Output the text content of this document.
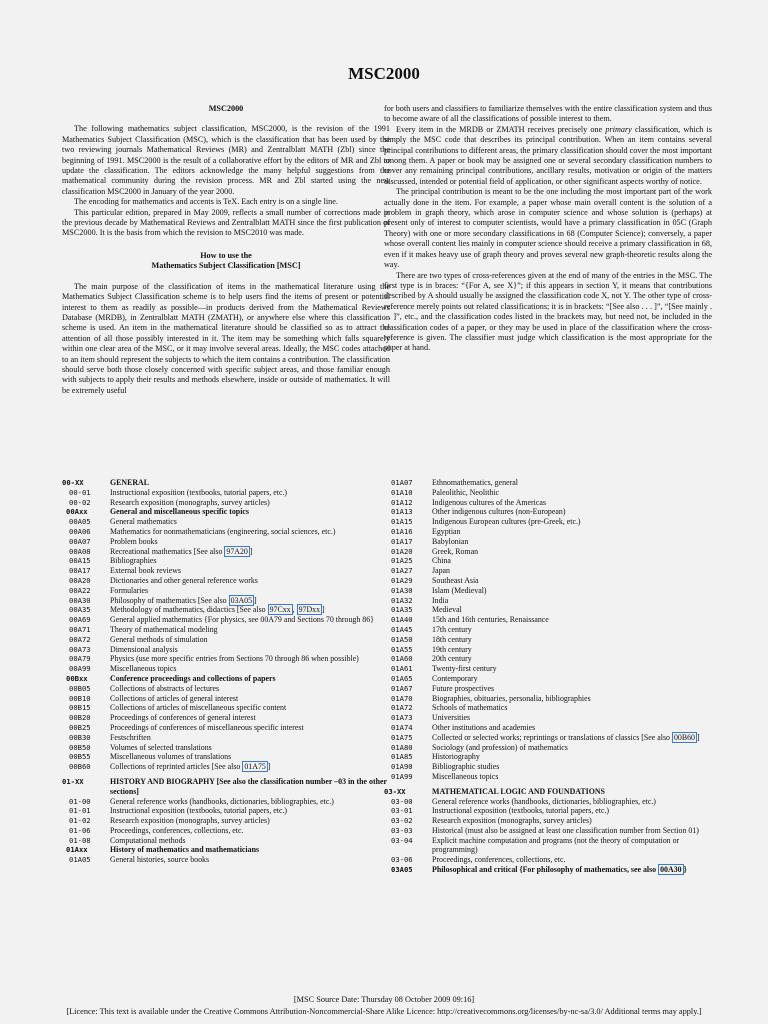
MSC2000
MSC2000

The following mathematics subject classification, MSC2000, is the revision of the 1991 Mathematics Subject Classification (MSC), which is the classification that has been used by the two reviewing journals Mathematical Reviews (MR) and Zentralblatt MATH (Zbl) since the beginning of 1991. MSC2000 is the result of a collaborative effort by the editors of MR and Zbl to update the classification. The editors acknowledge the many helpful suggestions from the mathematical community during the revision process. MR and Zbl started using the new classification MSC2000 in January of the year 2000.

The encoding for mathematics and accents is TeX. Each entry is on a single line.

This particular edition, prepared in May 2009, reflects a small number of corrections made in the previous decade by Mathematical Reviews and Zentralblatt MATH since the first publication of MSC2000. It is the basis from which the revision to MSC2010 was made.

How to use the
Mathematics Subject Classification [MSC]

The main purpose of the classification of items in the mathematical literature using the Mathematics Subject Classification scheme is to help users find the items of present or potential interest to them as readily as possible—in products derived from the Mathematical Reviews Database (MRDB), in Zentralblatt MATH (ZMATH), or anywhere else where this classification scheme is used. An item in the mathematical literature should be classified so as to attract the attention of all those possibly interested in it. The item may be something which falls squarely within one clear area of the MSC, or it may involve several areas. Ideally, the MSC codes attached to an item should represent the subjects to which the item contains a contribution. The classification should serve both those closely concerned with specific subject areas, and those familiar enough with subjects to apply their results and methods elsewhere, inside or outside of mathematics. It will be extremely useful

for both users and classifiers to familiarize themselves with the entire classification system and thus to become aware of all the classifications of possible interest to them.

Every item in the MRDB or ZMATH receives precisely one primary classification, which is simply the MSC code that describes its principal contribution. When an item contains several principal contributions to different areas, the primary classification should cover the most important among them. A paper or book may be assigned one or several secondary classification numbers to cover any remaining principal contributions, ancillary results, motivation or origin of the matters discussed, intended or potential field of application, or other significant aspects worthy of notice.

The principal contribution is meant to be the one including the most important part of the work actually done in the item. For example, a paper whose main overall content is the solution of a problem in graph theory, which arose in computer science and whose solution is (perhaps) at present only of interest to computer scientists, would have a primary classification in 05C (Graph Theory) with one or more secondary classifications in 68 (Computer Science); conversely, a paper whose overall content lies mainly in computer science should receive a primary classification in 68, even if it makes heavy use of graph theory and proves several new graph-theoretic results along the way.

There are two types of cross-references given at the end of many of the entries in the MSC. The first type is in braces: “{For A, see X}”; if this appears in section Y, it means that contributions described by A should usually be assigned the classification code X, not Y. The other type of cross-reference merely points out related classifications; it is in brackets: “[See also . . . ]”, “[See mainly . . . ]”, etc., and the classification codes listed in the brackets may, but need not, be included in the classification codes of a paper, or they may be used in place of the classification where the cross-reference is given. The classifier must judge which classification is the most appropriate for the paper at hand.

00-XX	GENERAL
00-01	Instructional exposition (textbooks, tutorial papers, etc.)
00-02	Research exposition (monographs, survey articles)
00Axx	General and miscellaneous specific topics
00A05	General mathematics
00A06	Mathematics for nonmathematicians (engineering, social sciences, etc.)
00A07	Problem books
00A08	Recreational mathematics [See also 97A20 ]
00A15	Bibliographies
00A17	External book reviews
00A20	Dictionaries and other general reference works
00A22	Formularies
00A30	Philosophy of mathematics [See also 03A05 ]
00A35	Methodology of mathematics, didactics [See also 97Cxx , 97Dxx ]
00A69	General applied mathematics {For physics, see 00A79 and Sections 70 through 86}
00A71	Theory of mathematical modeling
00A72	General methods of simulation
00A73	Dimensional analysis
00A79	Physics (use more specific entries from Sections 70 through 86 when possible)
00A99	Miscellaneous topics
00Bxx	Conference proceedings and collections of papers
00B05	Collections of abstracts of lectures
00B10	Collections of articles of general interest
00B15	Collections of articles of miscellaneous specific content
00B20	Proceedings of conferences of general interest
00B25	Proceedings of conferences of miscellaneous specific interest
00B30	Festschriften
00B50	Volumes of selected translations
00B55	Miscellaneous volumes of translations
00B60	Collections of reprinted articles [See also 01A75 ]
01-XX	HISTORY AND BIOGRAPHY [See also the classification number –03 in the other sections]
01-00	General reference works (handbooks, dictionaries, bibliographies, etc.)
01-01	Instructional exposition (textbooks, tutorial papers, etc.)
01-02	Research exposition (monographs, survey articles)
01-06	Proceedings, conferences, collections, etc.
01-08	Computational methods
01Axx	History of mathematics and mathematicians
01A05	General histories, source books
01A07	Ethnomathematics, general
01A10	Paleolithic, Neolithic
01A12	Indigenous cultures of the Americas
01A13	Other indigenous cultures (non-European)
01A15	Indigenous European cultures (pre-Greek, etc.)
01A16	Egyptian
01A17	Babylonian
01A20	Greek, Roman
01A25	China
01A27	Japan
01A29	Southeast Asia
01A30	Islam (Medieval)
01A32	India
01A35	Medieval
01A40	15th and 16th centuries, Renaissance
01A45	17th century
01A50	18th century
01A55	19th century
01A60	20th century
01A61	Twenty-first century
01A65	Contemporary
01A67	Future prospectives
01A70	Biographies, obituaries, personalia, bibliographies
01A72	Schools of mathematics
01A73	Universities
01A74	Other institutions and academies
01A75	Collected or selected works; reprintings or translations of classics [See also 00B60 ]
01A80	Sociology (and profession) of mathematics
01A85	Historiography
01A90	Bibliographic studies
01A99	Miscellaneous topics
03-XX	MATHEMATICAL LOGIC AND FOUNDATIONS
03-00	General reference works (handbooks, dictionaries, bibliographies, etc.)
03-01	Instructional exposition (textbooks, tutorial papers, etc.)
03-02	Research exposition (monographs, survey articles)
03-03	Historical (must also be assigned at least one classification number from Section 01)
03-04	Explicit machine computation and programs (not the theory of computation or programming)
03-06	Proceedings, conferences, collections, etc.
03A05	Philosophical and critical {For philosophy of mathematics, see also 00A30 }
[MSC Source Date: Thursday 08 October 2009 09:16]
[Licence: This text is available under the Creative Commons Attribution-Noncommercial-Share Alike Licence: http://creativecommons.org/licenses/by-nc-sa/3.0/ Additional terms may apply.]
